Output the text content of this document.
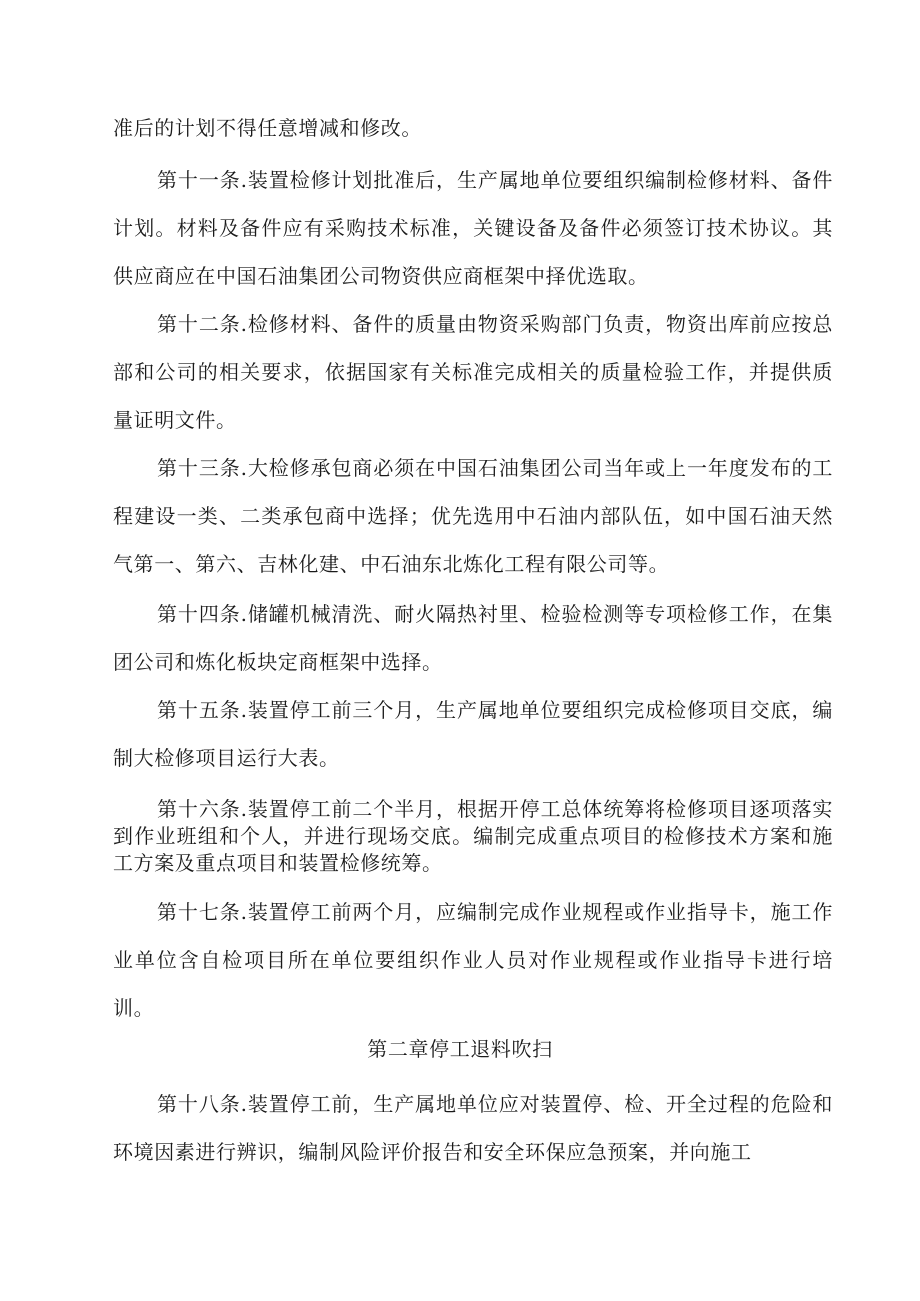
准后的计划不得任意增减和修改。

第十一条.装置检修计划批准后，生产属地单位要组织编制检修材料、备件计划。材料及备件应有采购技术标准，关键设备及备件必须签订技术协议。其供应商应在中国石油集团公司物资供应商框架中择优选取。

第十二条.检修材料、备件的质量由物资采购部门负责，物资出库前应按总部和公司的相关要求，依据国家有关标准完成相关的质量检验工作，并提供质量证明文件。

第十三条.大检修承包商必须在中国石油集团公司当年或上一年度发布的工程建设一类、二类承包商中选择；优先选用中石油内部队伍，如中国石油天然气第一、第六、吉林化建、中石油东北炼化工程有限公司等。

第十四条.储罐机械清洗、耐火隔热衬里、检验检测等专项检修工作，在集团公司和炼化板块定商框架中选择。

第十五条.装置停工前三个月，生产属地单位要组织完成检修项目交底，编制大检修项目运行大表。

第十六条.装置停工前二个半月，根据开停工总体统筹将检修项目逐项落实到作业班组和个人，并进行现场交底。编制完成重点项目的检修技术方案和施工方案及重点项目和装置检修统筹。

第十七条.装置停工前两个月，应编制完成作业规程或作业指导卡，施工作业单位含自检项目所在单位要组织作业人员对作业规程或作业指导卡进行培训。

第二章停工退料吹扫

第十八条.装置停工前，生产属地单位应对装置停、检、开全过程的危险和环境因素进行辨识，编制风险评价报告和安全环保应急预案，并向施工
